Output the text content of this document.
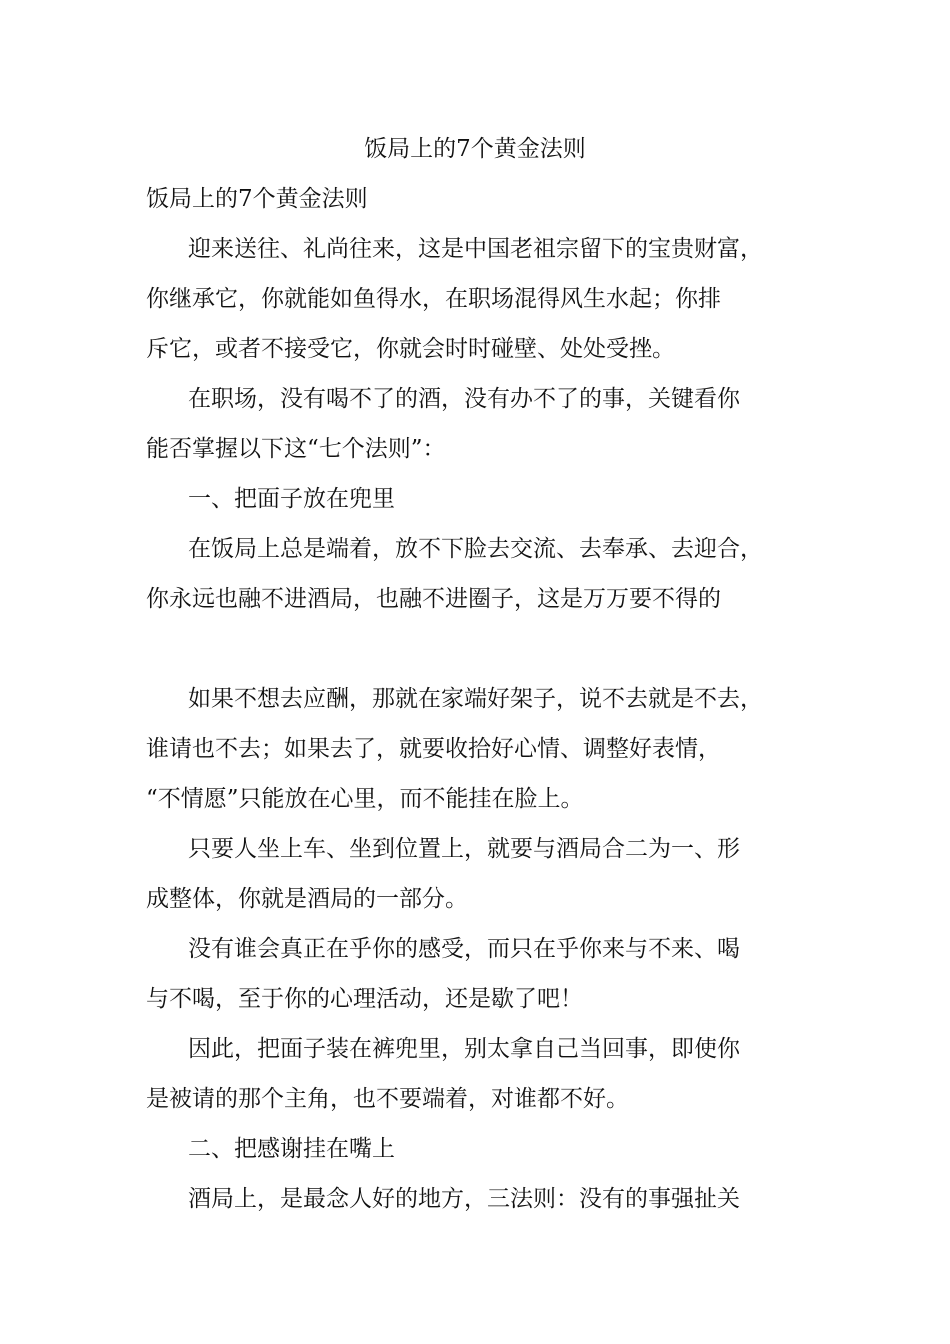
饭局上的7个黄金法则
饭局上的7个黄金法则
迎来送往、礼尚往来，这是中国老祖宗留下的宝贵财富，
你继承它，你就能如鱼得水，在职场混得风生水起；你排
斥它，或者不接受它，你就会时时碰壁、处处受挫。
在职场，没有喝不了的酒，没有办不了的事，关键看你
能否掌握以下这“七个法则”：
一、把面子放在兜里
在饭局上总是端着，放不下脸去交流、去奉承、去迎合，
你永远也融不进酒局，也融不进圈子，这是万万要不得的
如果不想去应酬，那就在家端好架子，说不去就是不去，
谁请也不去；如果去了，就要收拾好心情、调整好表情，
“不情愿”只能放在心里，而不能挂在脸上。
只要人坐上车、坐到位置上，就要与酒局合二为一、形
成整体，你就是酒局的一部分。
没有谁会真正在乎你的感受，而只在乎你来与不来、喝
与不喝，至于你的心理活动，还是歇了吧！
因此，把面子装在裤兜里，别太拿自己当回事，即使你
是被请的那个主角，也不要端着，对谁都不好。
二、把感谢挂在嘴上
酒局上，是最念人好的地方，三法则：没有的事强扯关
